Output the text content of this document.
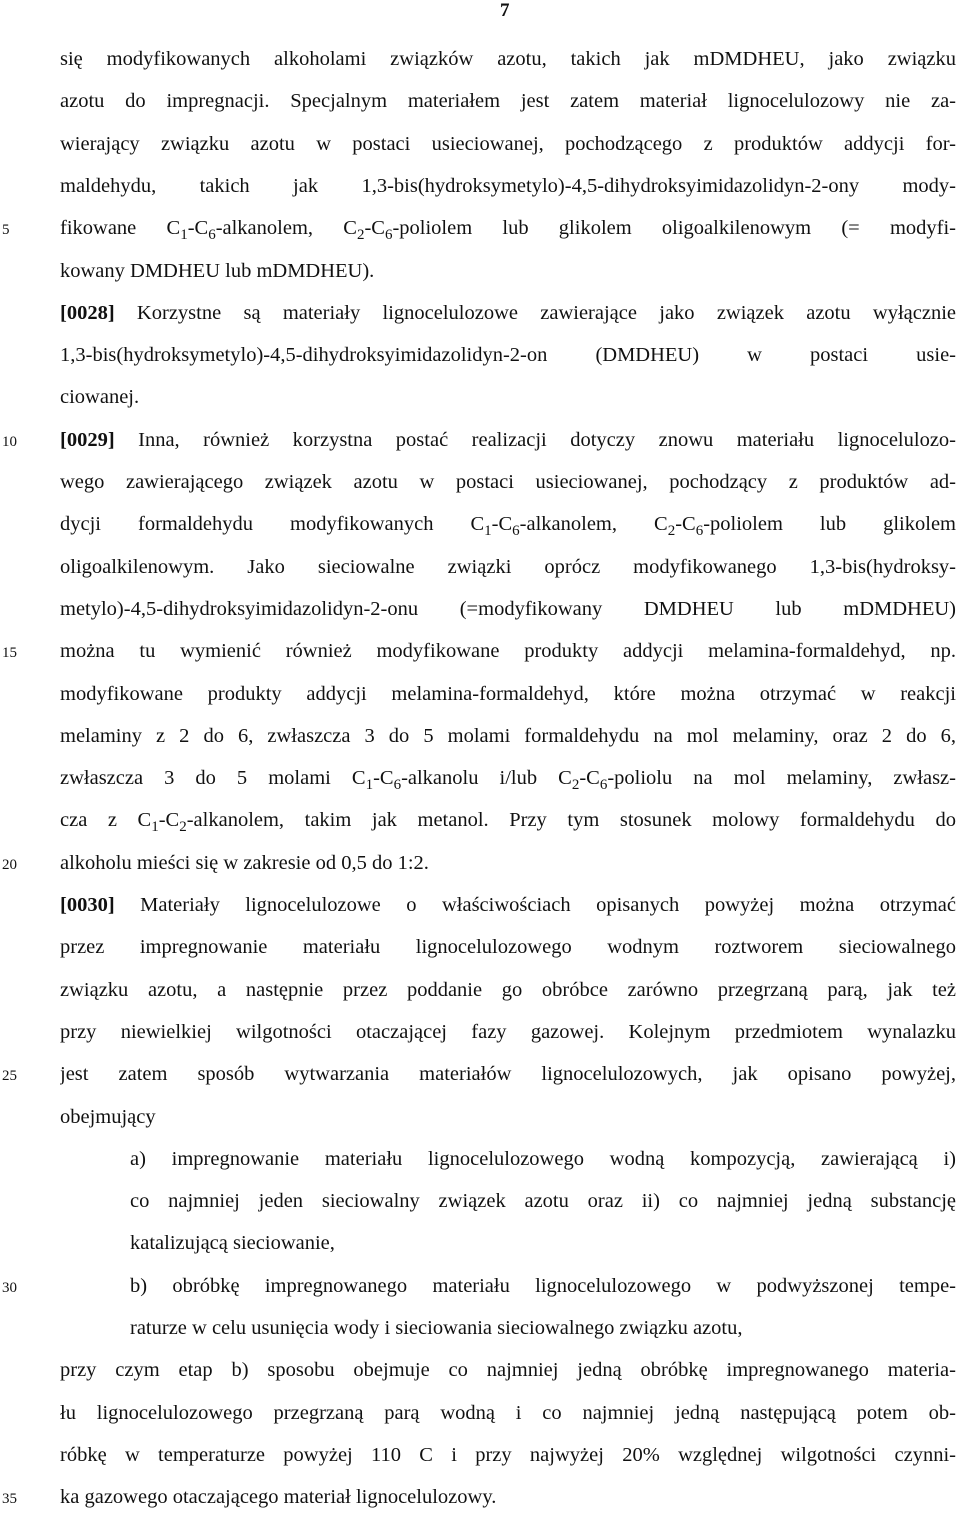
7
5
10
15
20
25
30
35
się modyfikowanych alkoholami związków azotu, takich jak mDMDHEU, jako związku
azotu do impregnacji. Specjalnym materiałem jest zatem materiał lignocelulozowy nie za-
wierający związku azotu w postaci usieciowanej, pochodzącego z produktów addycji for-
maldehydu, takich jak 1,3-bis(hydroksymetylo)-4,5-dihydroksyimidazolidyn-2-ony mody-
fikowane $C_1-C_6$-alkanolem, $C_2-C_6$-poliolem lub glikolem oligoalkilenowym (= modyfi-
kowany DMDHEU lub mDMDHEU).
[0028] Korzystne są materiały lignocelulozowe zawierające jako związek azotu wyłącznie
1,3-bis(hydroksymetylo)-4,5-dihydroksyimidazolidyn-2-on (DMDHEU) w postaci usie-
ciowanej.
[0029] Inna, również korzystna postać realizacji dotyczy znowu materiału lignocelulozo-
wego zawierającego związek azotu w postaci usieciowanej, pochodzący z produktów ad-
dycji formaldehydu modyfikowanych $C_1-C_6$-alkanolem, $C_2-C_6$-poliolem lub glikolem
oligoalkilenowym. Jako sieciowalne związki oprócz modyfikowanego 1,3-bis(hydroksy-
metylo)-4,5-dihydroksyimidazolidyn-2-onu (=modyfikowany DMDHEU lub mDMDHEU)
można tu wymienić również modyfikowane produkty addycji melamina-formaldehyd, np.
modyfikowane produkty addycji melamina-formaldehyd, które można otrzymać w reakcji
melaminy z 2 do 6, zwłaszcza 3 do 5 molami formaldehydu na mol melaminy, oraz 2 do 6,
zwłaszcza 3 do 5 molami $C_1-C_6$-alkanolu i/lub $C_2-C_6$-poliolu na mol melaminy, zwłasz-
cza z $C_1-C_2$-alkanolem, takim jak metanol. Przy tym stosunek molowy formaldehydu do
alkoholu mieści się w zakresie od 0,5 do 1:2.
[0030] Materiały lignocelulozowe o właściwościach opisanych powyżej można otrzymać
przez impregnowanie materiału lignocelulozowego wodnym roztworem sieciowalnego
związku azotu, a następnie przez poddanie go obróbce zarówno przegrzaną parą, jak też
przy niewielkiej wilgotności otaczającej fazy gazowej. Kolejnym przedmiotem wynalazku
jest zatem sposób wytwarzania materiałów lignocelulozowych, jak opisano powyżej,
obejmujący
a) impregnowanie materiału lignocelulozowego wodną kompozycją, zawierającą i)
co najmniej jeden sieciowalny związek azotu oraz ii) co najmniej jedną substancję
katalizującą sieciowanie,
b) obróbkę impregnowanego materiału lignocelulozowego w podwyższonej tempe-
raturze w celu usunięcia wody i sieciowania sieciowalnego związku azotu,
przy czym etap b) sposobu obejmuje co najmniej jedną obróbkę impregnowanego materia-
łu lignocelulozowego przegrzaną parą wodną i co najmniej jedną następującą potem ob-
róbkę w temperaturze powyżej 110 C i przy najwyżej 20% względnej wilgotności czynni-
ka gazowego otaczającego materiał lignocelulozowy.
